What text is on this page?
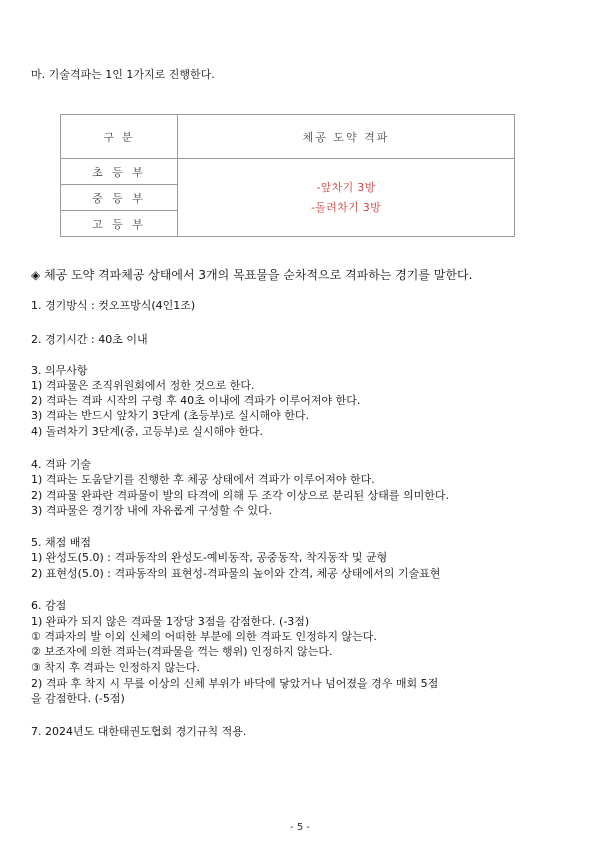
마. 기술격파는 1인 1가지로 진행한다.
구 분	체공 도약 격파
초 등 부	-앞차기 3방
-돌려차기 3방

중 등 부	
고 등 부	
◈ 체공 도약 격파체공 상태에서 3개의 목표물을 순차적으로 격파하는 경기를 말한다.
1. 경기방식 : 컷오프방식(4인1조)
2. 경기시간 : 40초 이내
3. 의무사항
1) 격파물은 조직위원회에서 정한 것으로 한다.
2) 격파는 격파 시작의 구령 후 40초 이내에 격파가 이루어져야 한다.
3) 격파는 반드시 앞차기 3단계 (초등부)로 실시해야 한다.
4) 돌려차기 3단계(중, 고등부)로 실시해야 한다.
4. 격파 기술
1) 격파는 도움닫기를 진행한 후 체공 상태에서 격파가 이루어져야 한다.
2) 격파물 완파란 격파물이 발의 타격에 의해 두 조각 이상으로 분리된 상태를 의미한다.
3) 격파물은 경기장 내에 자유롭게 구성할 수 있다.
5. 채점 배점
1) 완성도(5.0) : 격파동작의 완성도-예비동작, 공중동작, 착지동작 및 균형
2) 표현성(5.0) : 격파동작의 표현성-격파물의 높이와 간격, 체공 상태에서의 기술표현
6. 감점
1) 완파가 되지 않은 격파물 1장당 3점을 감점한다. (-3점)
① 격파자의 발 이외 신체의 어떠한 부분에 의한 격파도 인정하지 않는다.
② 보조자에 의한 격파는(격파물을 꺽는 행위) 인정하지 않는다.
③ 착지 후 격파는 인정하지 않는다.
2) 격파 후 착지 시 무릎 이상의 신체 부위가 바닥에 닿았거나 넘어졌을 경우 매회 5점
을 감점한다. (-5점)
7. 2024년도 대한태권도협회 경기규칙 적용.
- 5 -
